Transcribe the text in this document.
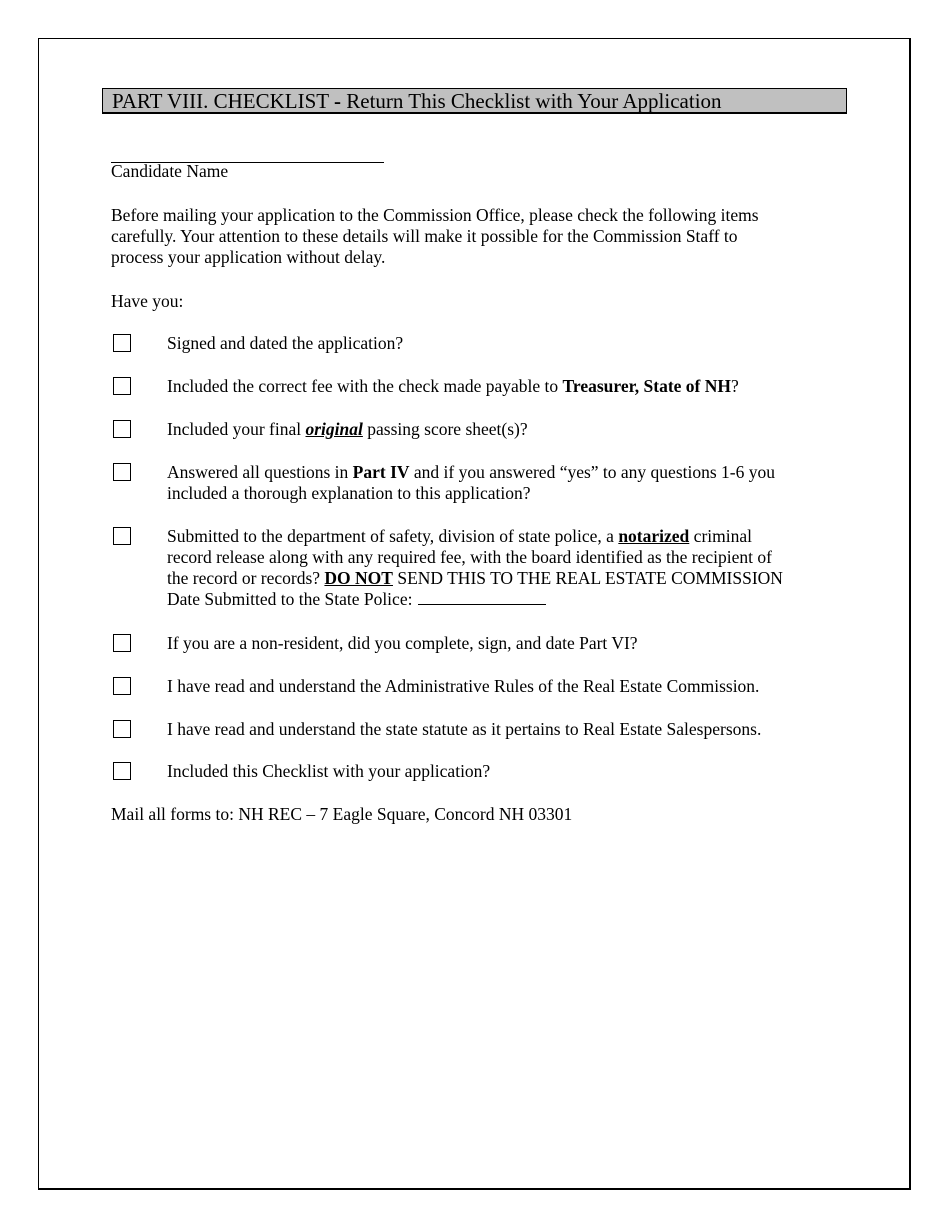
PART VIII. CHECKLIST - Return This Checklist with Your Application
Candidate Name
Before mailing your application to the Commission Office, please check the following items
carefully. Your attention to these details will make it possible for the Commission Staff to
process your application without delay.
Have you:
Signed and dated the application?
Included the correct fee with the check made payable to Treasurer, State of NH?
Included your final original passing score sheet(s)?
Answered all questions in Part IV and if you answered “yes” to any questions 1-6 you
included a thorough explanation to this application?
Submitted to the department of safety, division of state police, a notarized criminal
record release along with any required fee, with the board identified as the recipient of
the record or records? DO NOT SEND THIS TO THE REAL ESTATE COMMISSION
Date Submitted to the State Police:
If you are a non-resident, did you complete, sign, and date Part VI?
I have read and understand the Administrative Rules of the Real Estate Commission.
I have read and understand the state statute as it pertains to Real Estate Salespersons.
Included this Checklist with your application?
Mail all forms to: NH REC – 7 Eagle Square, Concord NH 03301
